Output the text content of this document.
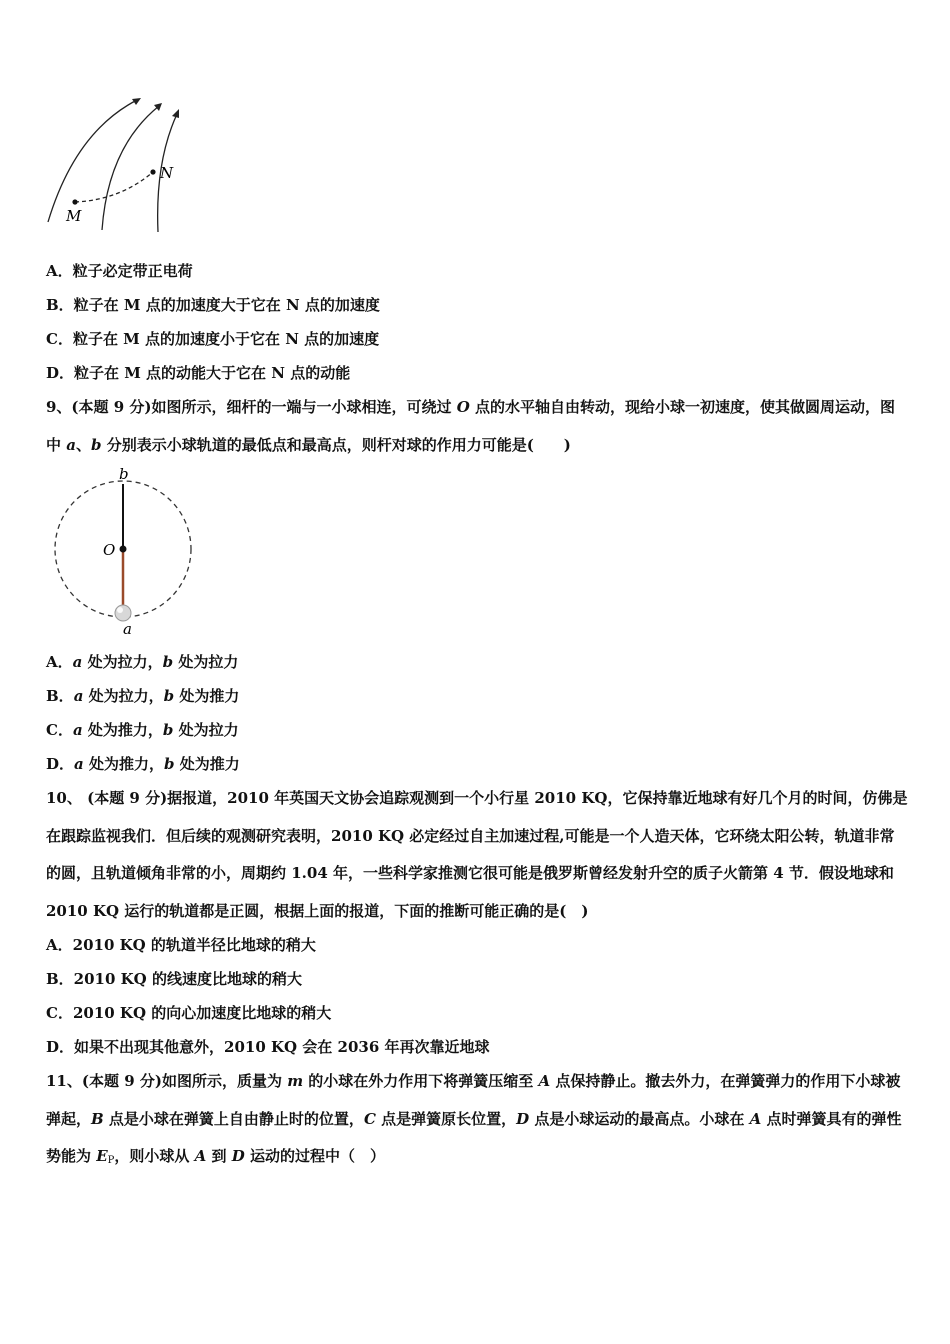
M
N
A．粒子必定带正电荷
B．粒子在 M 点的加速度大于它在 N 点的加速度
C．粒子在 M 点的加速度小于它在 N 点的加速度
D．粒子在 M 点的动能大于它在 N 点的动能
9、(本题 9 分)如图所示，细杆的一端与一小球相连，可绕过 O 点的水平轴自由转动，现给小球一初速度，使其做圆周运动，图中 a、b 分别表示小球轨道的最低点和最高点，则杆对球的作用力可能是(　　)
b
O
a
A．a 处为拉力，b 处为拉力
B．a 处为拉力，b 处为推力
C．a 处为推力，b 处为拉力
D．a 处为推力，b 处为推力
10、 (本题 9 分)据报道，2010 年英国天文协会追踪观测到一个小行星 2010 KQ，它保持靠近地球有好几个月的时间，仿佛是在跟踪监视我们．但后续的观测研究表明，2010 KQ 必定经过自主加速过程,可能是一个人造天体，它环绕太阳公转，轨道非常的圆，且轨道倾角非常的小，周期约 1.04 年，一些科学家推测它很可能是俄罗斯曾经发射升空的质子火箭第 4 节．假设地球和 2010 KQ 运行的轨道都是正圆，根据上面的报道，下面的推断可能正确的是(　)
A．2010 KQ 的轨道半径比地球的稍大
B．2010 KQ 的线速度比地球的稍大
C．2010 KQ 的向心加速度比地球的稍大
D．如果不出现其他意外，2010 KQ 会在 2036 年再次靠近地球
11、(本题 9 分)如图所示，质量为 m 的小球在外力作用下将弹簧压缩至 A 点保持静止。撤去外力，在弹簧弹力的作用下小球被弹起，B 点是小球在弹簧上自由静止时的位置，C 点是弹簧原长位置，D 点是小球运动的最高点。小球在 A 点时弹簧具有的弹性势能为 $E_P$，则小球从 A 到 D 运动的过程中（　）
